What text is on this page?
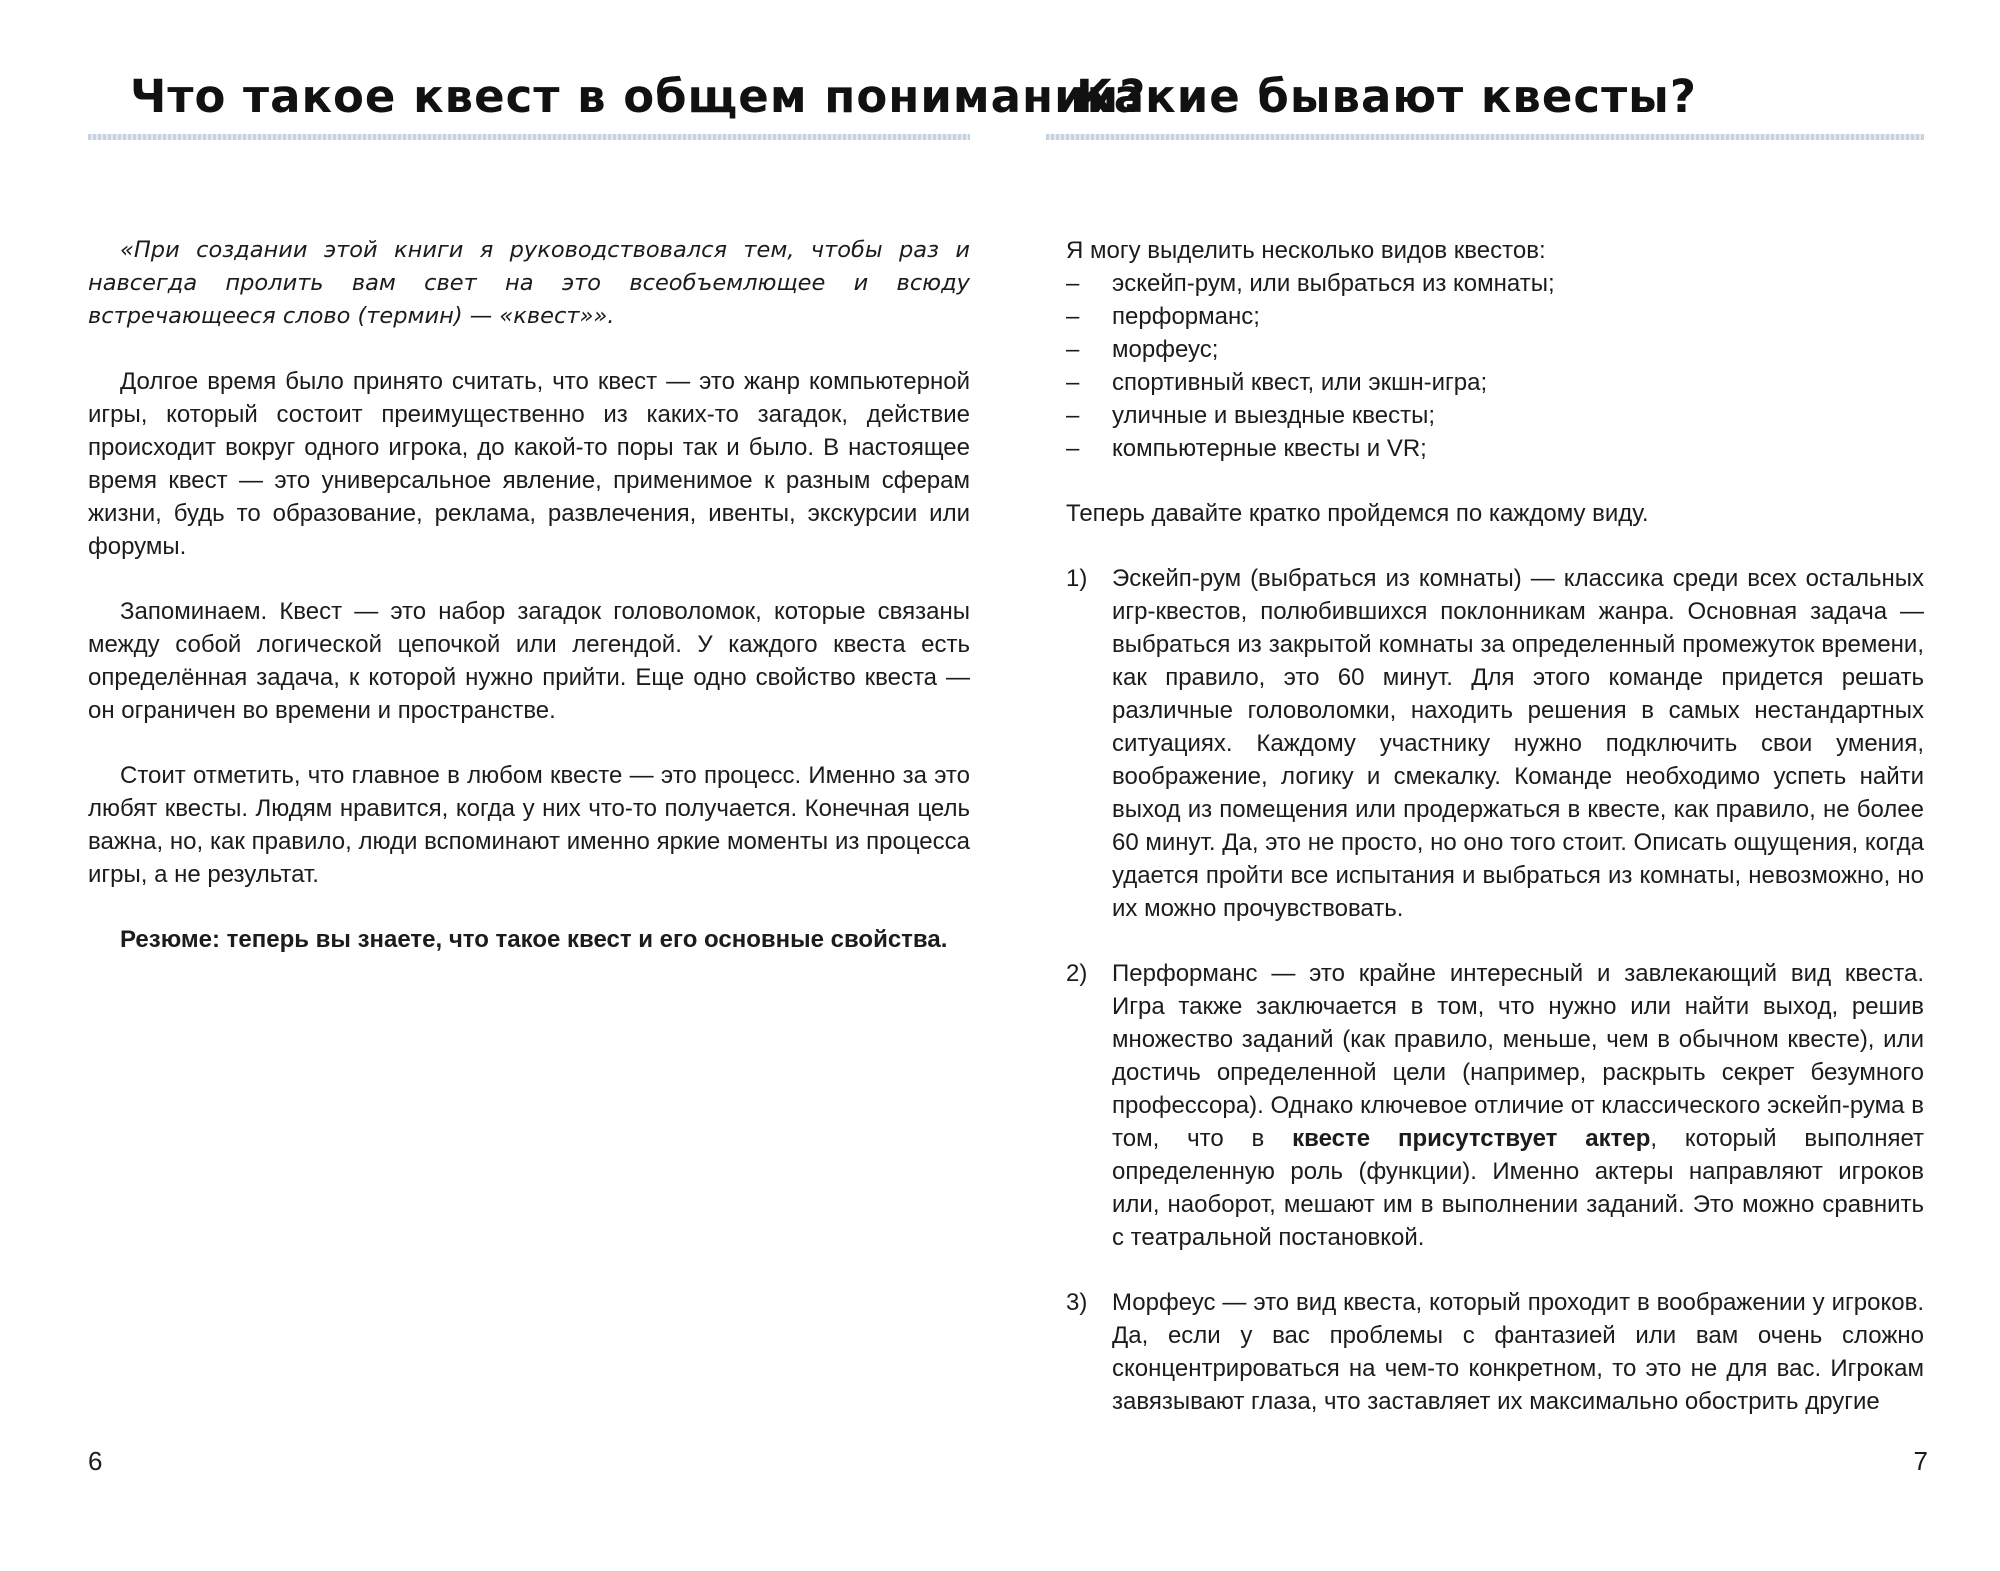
Что такое квест в общем понимании?

«При создании этой книги я руководствовался тем, чтобы раз и навсегда пролить вам свет на это всеобъемлющее и всюду встречающееся слово (термин) — «квест»».

Долгое время было принято считать, что квест — это жанр компьютерной игры, который состоит преимущественно из каких-то загадок, действие происходит вокруг одного игрока, до какой-то поры так и было. В настоящее время квест — это универсальное явление, применимое к разным сферам жизни, будь то образование, реклама, развлечения, ивенты, экскурсии или форумы.

Запоминаем. Квест — это набор загадок головоломок, которые связаны между собой логической цепочкой или легендой. У каждого квеста есть определённая задача, к которой нужно прийти. Еще одно свойство квеста — он ограничен во времени и пространстве.

Стоит отметить, что главное в любом квесте — это процесс. Именно за это любят квесты. Людям нравится, когда у них что-то получается. Конечная цель важна, но, как правило, люди вспоминают именно яркие моменты из процесса игры, а не результат.

Резюме: теперь вы знаете, что такое квест и его основные свойства.

6
Какие бывают квесты?

Я могу выделить несколько видов квестов:

– эскейп-рум, или выбраться из комнаты;
– перформанс;
– морфеус;
– спортивный квест, или экшн-игра;
– уличные и выездные квесты;
– компьютерные квесты и VR;

Теперь давайте кратко пройдемся по каждому виду.

1) Эскейп-рум (выбраться из комнаты) — классика среди всех остальных игр-квестов, полюбившихся поклонникам жанра. Основная задача — выбраться из закрытой комнаты за определенный промежуток времени, как правило, это 60 минут. Для этого команде придется решать различные головоломки, находить решения в самых нестандартных ситуациях. Каждому участнику нужно подключить свои умения, воображение, логику и смекалку. Команде необходимо успеть найти выход из помещения или продержаться в квесте, как правило, не более 60 минут. Да, это не просто, но оно того стоит. Описать ощущения, когда удается пройти все испытания и выбраться из комнаты, невозможно, но их можно прочувствовать.

2) Перформанс — это крайне интересный и завлекающий вид квеста. Игра также заключается в том, что нужно или найти выход, решив множество заданий (как правило, меньше, чем в обычном квесте), или достичь определенной цели (например, раскрыть секрет безумного профессора). Однако ключевое отличие от классического эскейп-рума в том, что в квесте присутствует актер, который выполняет определенную роль (функции). Именно актеры направляют игроков или, наоборот, мешают им в выполнении заданий. Это можно сравнить с театральной постановкой.

3) Морфеус — это вид квеста, который проходит в воображении у игроков. Да, если у вас проблемы с фантазией или вам очень сложно сконцентрироваться на чем-то конкретном, то это не для вас. Игрокам завязывают глаза, что заставляет их максимально обострить другие

7
